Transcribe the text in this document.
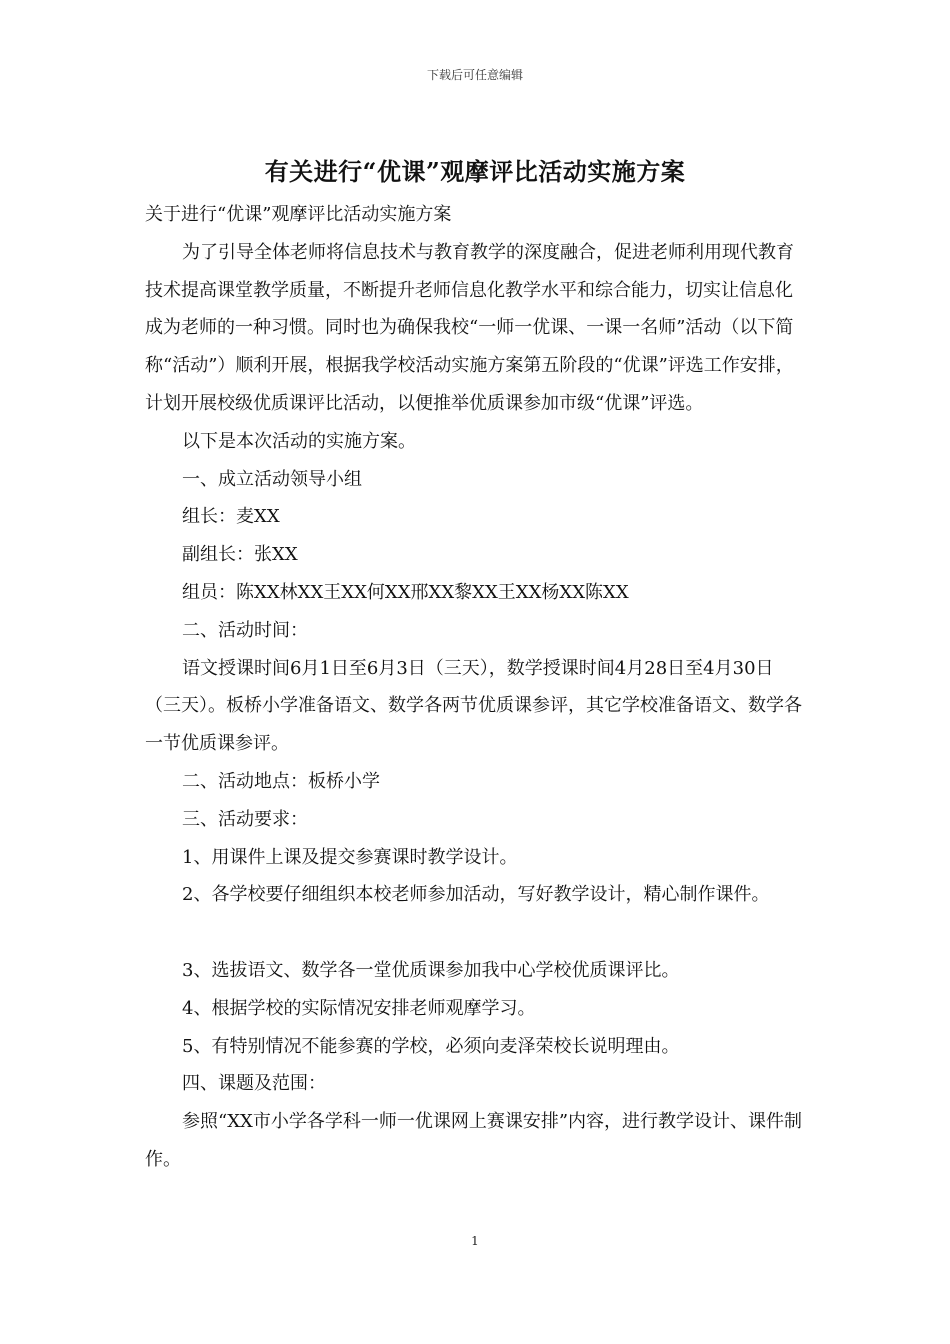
下载后可任意编辑
有关进行“优课”观摩评比活动实施方案

关于进行“优课”观摩评比活动实施方案

为了引导全体老师将信息技术与教育教学的深度融合，促进老师利用现代教育技术提高课堂教学质量，不断提升老师信息化教学水平和综合能力，切实让信息化成为老师的一种习惯。同时也为确保我校“一师一优课、一课一名师”活动（以下简称“活动”）顺利开展，根据我学校活动实施方案第五阶段的“优课”评选工作安排，计划开展校级优质课评比活动，以便推举优质课参加市级“优课”评选。

以下是本次活动的实施方案。

一、成立活动领导小组

组长：麦XX

副组长：张XX

组员：陈XX林XX王XX何XX邢XX黎XX王XX杨XX陈XX

二、活动时间：

语文授课时间6月1日至6月3日（三天），数学授课时间4月28日至4月30日（三天）。板桥小学准备语文、数学各两节优质课参评，其它学校准备语文、数学各一节优质课参评。

二、活动地点：板桥小学

三、活动要求：

1、用课件上课及提交参赛课时教学设计。

2、各学校要仔细组织本校老师参加活动，写好教学设计，精心制作课件。

3、选拔语文、数学各一堂优质课参加我中心学校优质课评比。

4、根据学校的实际情况安排老师观摩学习。

5、有特别情况不能参赛的学校，必须向麦泽荣校长说明理由。

四、课题及范围：

参照“XX市小学各学科一师一优课网上赛课安排”内容，进行教学设计、课件制作。

1
